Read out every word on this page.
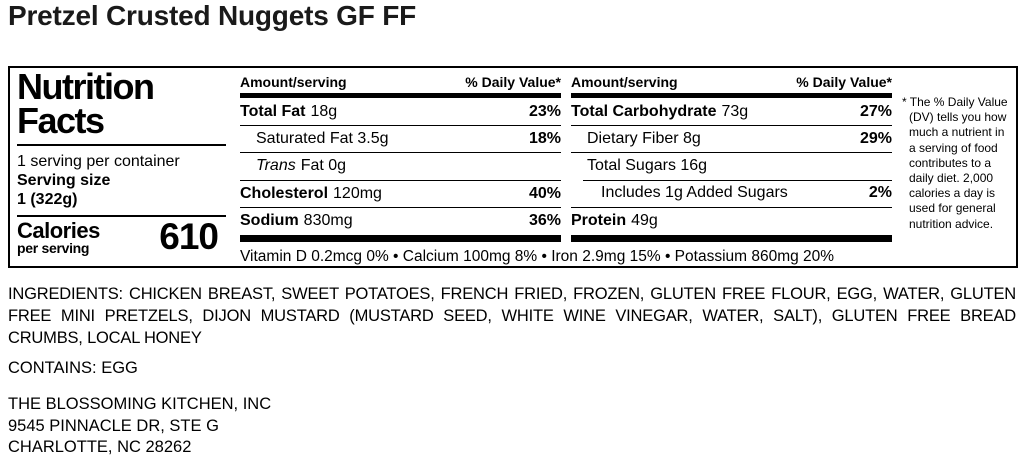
Pretzel Crusted Nuggets GF FF
Nutrition
Facts
1 serving per container
Serving size
1 (322g)
Calories
per serving 610
Amount/serving	% Daily Value*
Total Fat 18g	23%
Saturated Fat 3.5g	18%
Trans Fat 0g
Cholesterol 120mg	40%
Sodium 830mg	36%
Amount/serving	% Daily Value*
Total Carbohydrate 73g	27%
Dietary Fiber 8g	29%
Total Sugars 16g
Includes 1g Added Sugars	2%
Protein 49g
Vitamin D 0.2mcg 0% • Calcium 100mg 8% • Iron 2.9mg 15% • Potassium 860mg 20%
* The % Daily Value (DV) tells you how much a nutrient in a serving of food contributes to a daily diet. 2,000 calories a day is used for general nutrition advice.

INGREDIENTS: CHICKEN BREAST, SWEET POTATOES, FRENCH FRIED, FROZEN, GLUTEN FREE FLOUR, EGG, WATER, GLUTEN FREE MINI PRETZELS, DIJON MUSTARD (MUSTARD SEED, WHITE WINE VINEGAR, WATER, SALT), GLUTEN FREE BREAD CRUMBS, LOCAL HONEY

CONTAINS: EGG

THE BLOSSOMING KITCHEN, INC
9545 PINNACLE DR, STE G
CHARLOTTE, NC 28262
